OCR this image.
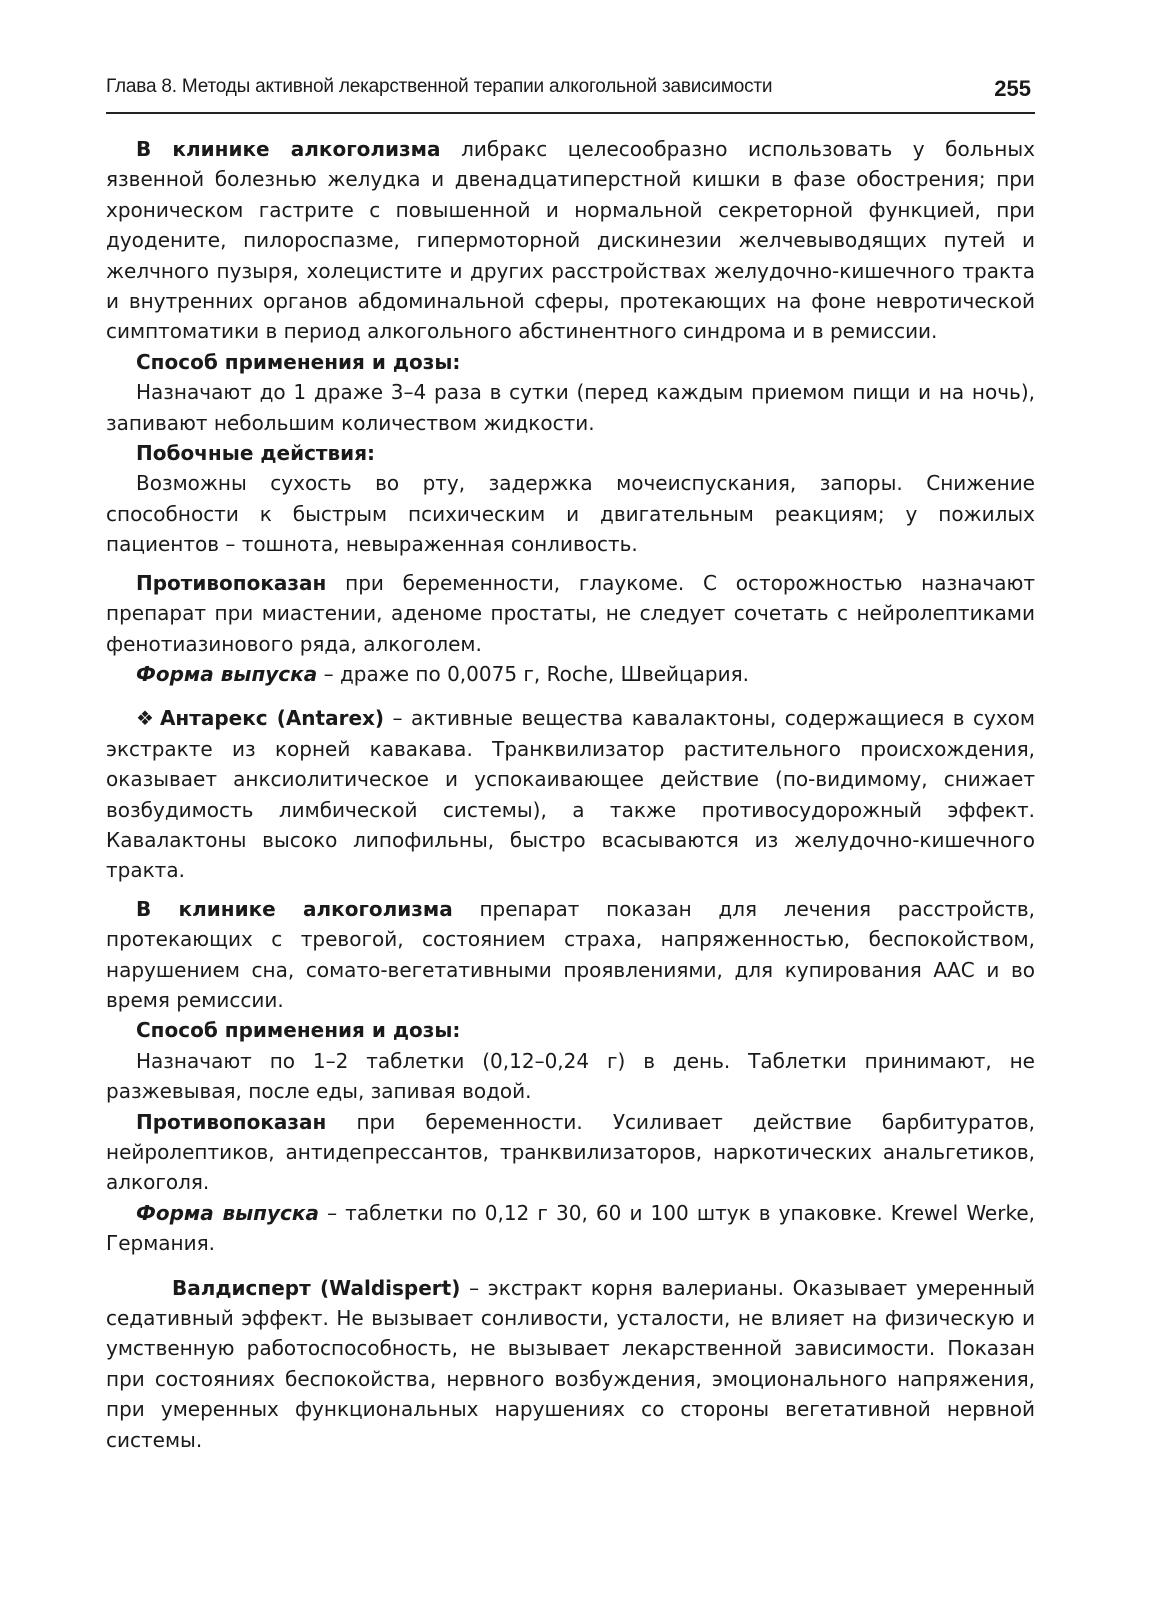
Глава 8. Методы активной лекарственной терапии алкогольной зависимости	255

В клинике алкоголизма либракс целесообразно использовать у больных язвенной болезнью желудка и двенадцатиперстной кишки в фазе обострения; при хроническом гастрите с повышенной и нормальной секреторной функцией, при дуодените, пилороспазме, гипермоторной дискинезии желчевыводящих путей и желчного пузыря, холецистите и других расстройствах желудочно-кишечного тракта и внутренних органов абдоминальной сферы, протекающих на фоне невротической симптоматики в период алкогольного абстинентного синдрома и в ремиссии.

Способ применения и дозы:

Назначают до 1 драже 3–4 раза в сутки (перед каждым приемом пищи и на ночь), запивают небольшим количеством жидкости.

Побочные действия:

Возможны сухость во рту, задержка мочеиспускания, запоры. Снижение способности к быстрым психическим и двигательным реакциям; у пожилых пациентов – тошнота, невыраженная сонливость.

Противопоказан при беременности, глаукоме. С осторожностью назначают препарат при миастении, аденоме простаты, не следует сочетать с нейролептиками фенотиазинового ряда, алкоголем.

Форма выпуска – драже по 0,0075 г, Roche, Швейцария.

❖ Антарекс (Antarex) – активные вещества кавалактоны, содержащиеся в сухом экстракте из корней кавакава. Транквилизатор растительного происхождения, оказывает анксиолитическое и успокаивающее действие (по-видимому, снижает возбудимость лимбической системы), а также противосудорожный эффект. Кавалактоны высоко липофильны, быстро всасываются из желудочно-кишечного тракта.

В клинике алкоголизма препарат показан для лечения расстройств, протекающих с тревогой, состоянием страха, напряженностью, беспокойством, нарушением сна, сомато-вегетативными проявлениями, для купирования ААС и во время ремиссии.

Способ применения и дозы:

Назначают по 1–2 таблетки (0,12–0,24 г) в день. Таблетки принимают, не разжевывая, после еды, запивая водой.

Противопоказан при беременности. Усиливает действие барбитуратов, нейролептиков, антидепрессантов, транквилизаторов, наркотических анальгетиков, алкоголя.

Форма выпуска – таблетки по 0,12 г 30, 60 и 100 штук в упаковке. Krewel Werke, Германия.

Валдисперт (Waldispert) – экстракт корня валерианы. Оказывает умеренный седативный эффект. Не вызывает сонливости, усталости, не влияет на физическую и умственную работоспособность, не вызывает лекарственной зависимости. Показан при состояниях беспокойства, нервного возбуждения, эмоционального напряжения, при умеренных функциональных нарушениях со стороны вегетативной нервной системы.
